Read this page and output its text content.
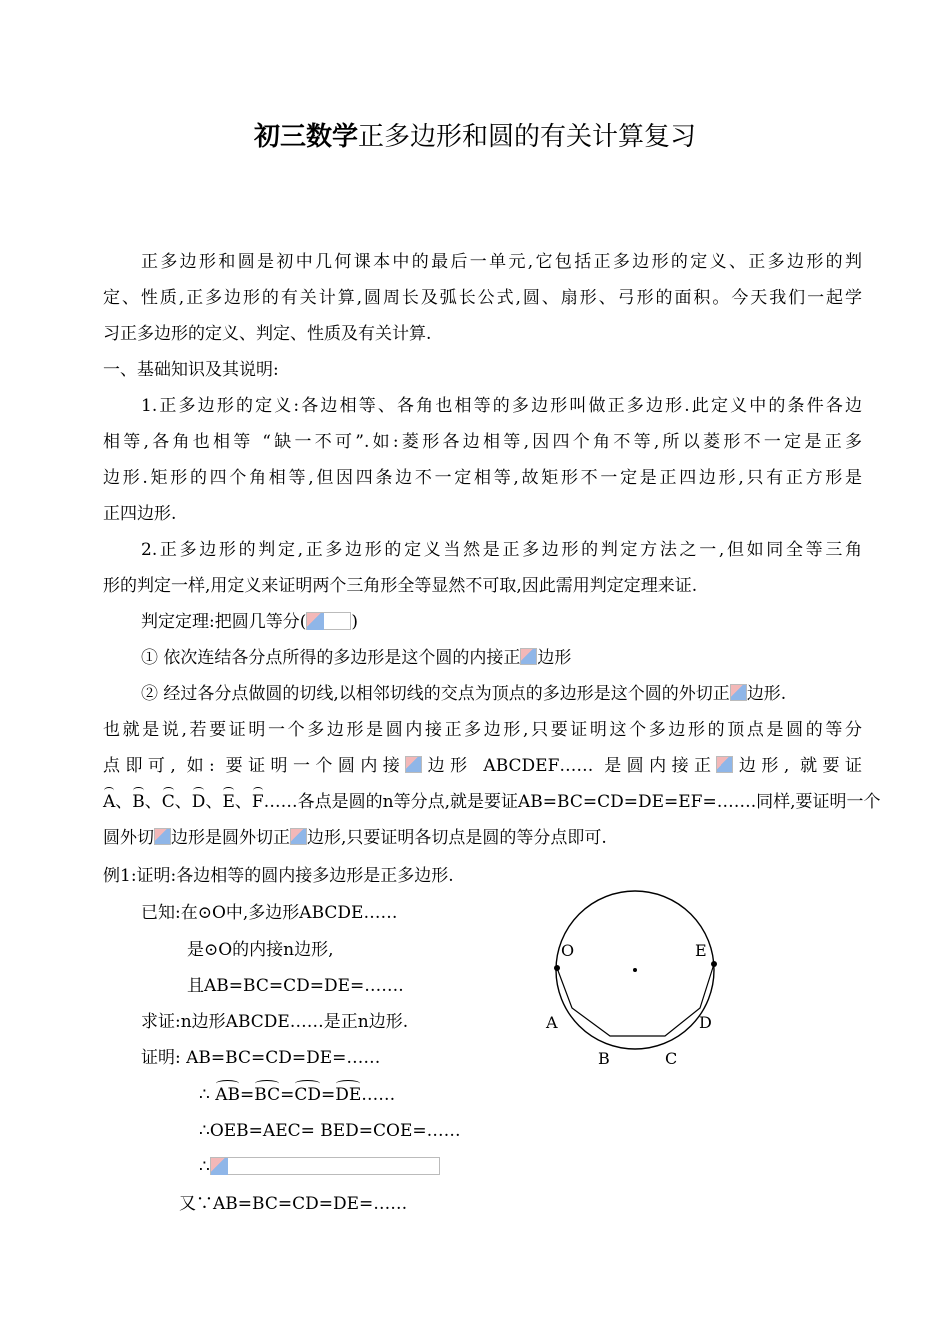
初三数学正多边形和圆的有关计算复习
正多边形和圆是初中几何课本中的最后一单元,它包括正多边形的定义、正多边形的判
定、性质,正多边形的有关计算,圆周长及弧长公式,圆、扇形、弓形的面积。今天我们一起学
习正多边形的定义、判定、性质及有关计算.
一、基础知识及其说明:
1.正多边形的定义:各边相等、各角也相等的多边形叫做正多边形.此定义中的条件各边
相等,各角也相等 “缺一不可”.如:菱形各边相等,因四个角不等,所以菱形不一定是正多
边形.矩形的四个角相等,但因四条边不一定相等,故矩形不一定是正四边形,只有正方形是
正四边形.
2.正多边形的判定,正多边形的定义当然是正多边形的判定方法之一,但如同全等三角
形的判定一样,用定义来证明两个三角形全等显然不可取,因此需用判定定理来证.
判定定理:把圆几等分(	)
① 依次连结各分点所得的多边形是这个圆的内接正 边形
② 经过各分点做圆的切线,以相邻切线的交点为顶点的多边形是这个圆的外切正 边形.
也就是说,若要证明一个多边形是圆内接正多边形,只要证明这个多边形的顶点是圆的等分
点即可, 如: 要证明一个圆内接 边形 ABCDEF…… 是圆内接正 边形, 就要证
A、B、C、D、E、F……各点是圆的n等分点,就是要证AB=BC=CD=DE=EF=…….同样,要证明一个
圆外切 边形是圆外切正 边形,只要证明各切点是圆的等分点即可.
例1:证明:各边相等的圆内接多边形是正多边形.
已知:在⊙O中,多边形ABCDE……
是⊙O的内接n边形,
且AB=BC=CD=DE=…….
求证:n边形ABCDE……是正n边形.
证明: AB=BC=CD=DE=……
∴ AB=BC=CD=DE……
∴OEB=AEC= BED=COE=……
∴
又∵AB=BC=CD=DE=……
O	E
A	D
B	C
